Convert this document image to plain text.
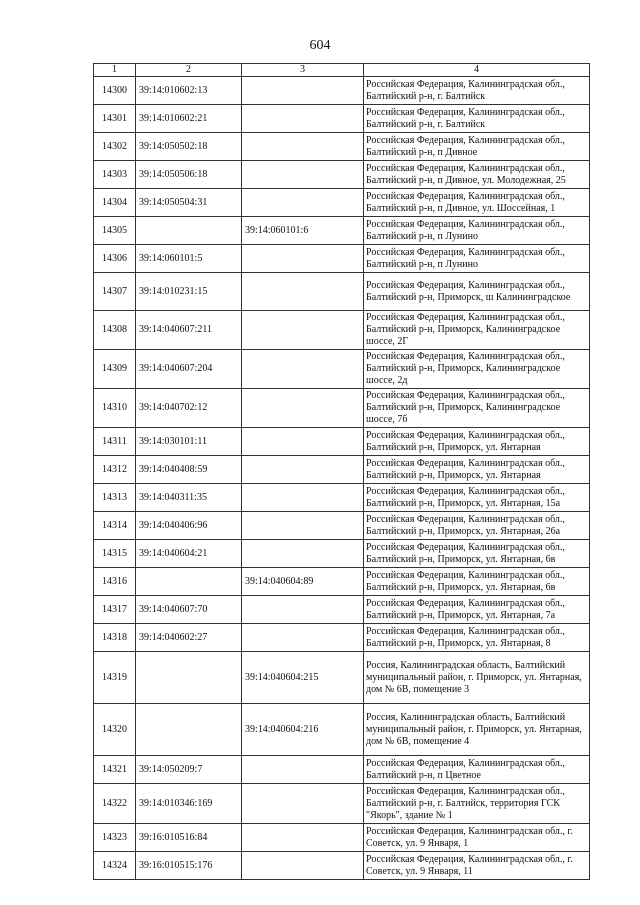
604
1	2	3	4
14300	39:14:010602:13		Российская Федерация, Калининградская обл., Балтийский р-н, г. Балтийск
14301	39:14:010602:21		Российская Федерация, Калининградская обл., Балтийский р-н, г. Балтийск
14302	39:14:050502:18		Российская Федерация, Калининградская обл., Балтийский р-н, п Дивное
14303	39:14:050506:18		Российская Федерация, Калининградская обл., Балтийский р-н, п Дивное, ул. Молодежная, 25
14304	39:14:050504:31		Российская Федерация, Калининградская обл., Балтийский р-н, п Дивное, ул. Шоссейная, 1
14305		39:14:060101:6	Российская Федерация, Калининградская обл., Балтийский р-н, п Лунино
14306	39:14:060101:5		Российская Федерация, Калининградская обл., Балтийский р-н, п Лунино
14307	39:14:010231:15		Российская Федерация, Калининградская обл., Балтийский р-н, Приморск, ш Калининградское
14308	39:14:040607:211		Российская Федерация, Калининградская обл., Балтийский р-н, Приморск, Калининградское шоссе, 2Г
14309	39:14:040607:204		Российская Федерация, Калининградская обл., Балтийский р-н, Приморск, Калининградское шоссе, 2д
14310	39:14:040702:12		Российская Федерация, Калининградская обл., Балтийский р-н, Приморск, Калининградское шоссе, 7б
14311	39:14:030101:11		Российская Федерация, Калининградская обл., Балтийский р-н, Приморск, ул. Янтарная
14312	39:14:040408:59		Российская Федерация, Калининградская обл., Балтийский р-н, Приморск, ул. Янтарная
14313	39:14:040311:35		Российская Федерация, Калининградская обл., Балтийский р-н, Приморск, ул. Янтарная, 15а
14314	39:14:040406:96		Российская Федерация, Калининградская обл., Балтийский р-н, Приморск, ул. Янтарная, 26а
14315	39:14:040604:21		Российская Федерация, Калининградская обл., Балтийский р-н, Приморск, ул. Янтарная, 6в
14316		39:14:040604:89	Российская Федерация, Калининградская обл., Балтийский р-н, Приморск, ул. Янтарная, 6в
14317	39:14:040607:70		Российская Федерация, Калининградская обл., Балтийский р-н, Приморск, ул. Янтарная, 7а
14318	39:14:040602:27		Российская Федерация, Калининградская обл., Балтийский р-н, Приморск, ул. Янтарная, 8
14319		39:14:040604:215	Россия, Калининградская область, Балтийский муниципальный район, г. Приморск, ул. Янтарная, дом № 6В, помещение 3
14320		39:14:040604:216	Россия, Калининградская область, Балтийский муниципальный район, г. Приморск, ул. Янтарная, дом № 6В, помещение 4
14321	39:14:050209:7		Российская Федерация, Калининградская обл., Балтийский р-н, п Цветное
14322	39:14:010346:169		Российская Федерация, Калининградская обл., Балтийский р-н, г. Балтийск, территория ГСК "Якорь", здание № 1
14323	39:16:010516:84		Российская Федерация, Калининградская обл., г. Советск, ул. 9 Января, 1
14324	39:16:010515:176		Российская Федерация, Калининградская обл., г. Советск, ул. 9 Января, 11
